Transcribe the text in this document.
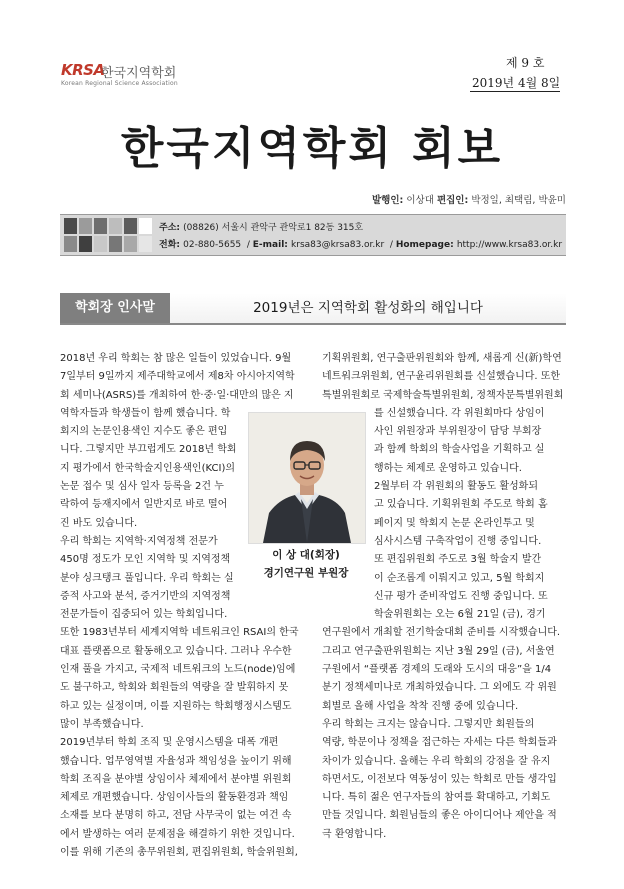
KRSA
한국지역학회
Korean Regional Science Association
제 9 호
2019년 4월 8일
한국지역학회 회보
발행인: 이상대 편집인: 박정일, 최택림, 박윤미
주소: (08826) 서울시 관악구 관악로1 82동 315호
전화: 02-880-5655  / E-mail: krsa83@krsa83.or.kr  / Homepage: http://www.krsa83.or.kr
학회장 인사말	2019년은 지역학회 활성화의 해입니다

2018년 우리 학회는 참 많은 일들이 있었습니다. 9월

7일부터 9일까지 제주대학교에서 제8차 아시아지역학

회 세미나(ASRS)를 개최하여 한·중·일·대만의 많은 지

역학자들과 학생들이 함께 했습니다. 학

회지의 논문인용색인 지수도 좋은 편입

니다. 그렇지만 부끄럽게도 2018년 학회

지 평가에서 한국학술지인용색인(KCI)의

논문 접수 및 심사 일자 등록을 2건 누

락하여 등재지에서 일반지로 바로 떨어

진 바도 있습니다.

우리 학회는 지역학·지역정책 전문가

450명 정도가 모인 지역학 및 지역정책

분야 싱크탱크 풀입니다. 우리 학회는 실

증적 사고와 분석, 증거기반의 지역정책

전문가들이 집중되어 있는 학회입니다.

또한 1983년부터 세계지역학 네트워크인 RSAI의 한국

대표 플랫폼으로 활동해오고 있습니다. 그러나 우수한

인재 풀을 가지고, 국제적 네트워크의 노드(node)임에

도 불구하고, 학회와 회원들의 역량을 잘 발휘하지 못

하고 있는 실정이며, 이를 지원하는 학회행정시스템도

많이 부족했습니다.

2019년부터 학회 조직 및 운영시스템을 대폭 개편

했습니다. 업무영역별 자율성과 책임성을 높이기 위해

학회 조직을 분야별 상임이사 체제에서 분야별 위원회

체제로 개편했습니다. 상임이사들의 활동환경과 책임

소재를 보다 분명히 하고, 전담 사무국이 없는 여건 속

에서 발생하는 여러 문제점을 해결하기 위한 것입니다.

이를 위해 기존의 총무위원회, 편집위원회, 학술위원회,

기획위원회, 연구출판위원회와 함께, 새롭게 신(新)학연

네트워크위원회, 연구윤리위원회를 신설했습니다. 또한

특별위원회로 국제학술특별위원회, 정책자문특별위원회

를 신설했습니다. 각 위원회마다 상임이

사인 위원장과 부위원장이 담당 부회장

과 함께 학회의 학술사업을 기획하고 실

행하는 체제로 운영하고 있습니다.

2월부터 각 위원회의 활동도 활성화되

고 있습니다. 기획위원회 주도로 학회 홈

페이지 및 학회지 논문 온라인투고 및

심사시스템 구축작업이 진행 중입니다.

또 편집위원회 주도로 3월 학술지 발간

이 순조롭게 이뤄지고 있고, 5월 학회지

신규 평가 준비작업도 진행 중입니다. 또

학술위원회는 오는 6월 21일 (금), 경기

연구원에서 개최할 전기학술대회 준비를 시작했습니다.

그리고 연구출판위원회는 지난 3월 29일 (금), 서울연

구원에서 “플랫폼 경제의 도래와 도시의 대응”을 1/4

분기 정책세미나로 개최하였습니다. 그 외에도 각 위원

회별로 올해 사업을 착착 진행 중에 있습니다.

우리 학회는 크지는 않습니다. 그렇지만 회원들의

역량, 학문이나 정책을 접근하는 자세는 다른 학회들과

차이가 있습니다. 올해는 우리 학회의 강점을 잘 유지

하면서도, 이전보다 역동성이 있는 학회로 만들 생각입

니다. 특히 젊은 연구자들의 참여를 확대하고, 기회도

만들 것입니다. 회원님들의 좋은 아이디어나 제안을 적

극 환영합니다.

이 상 대(회장)
경기연구원 부원장
